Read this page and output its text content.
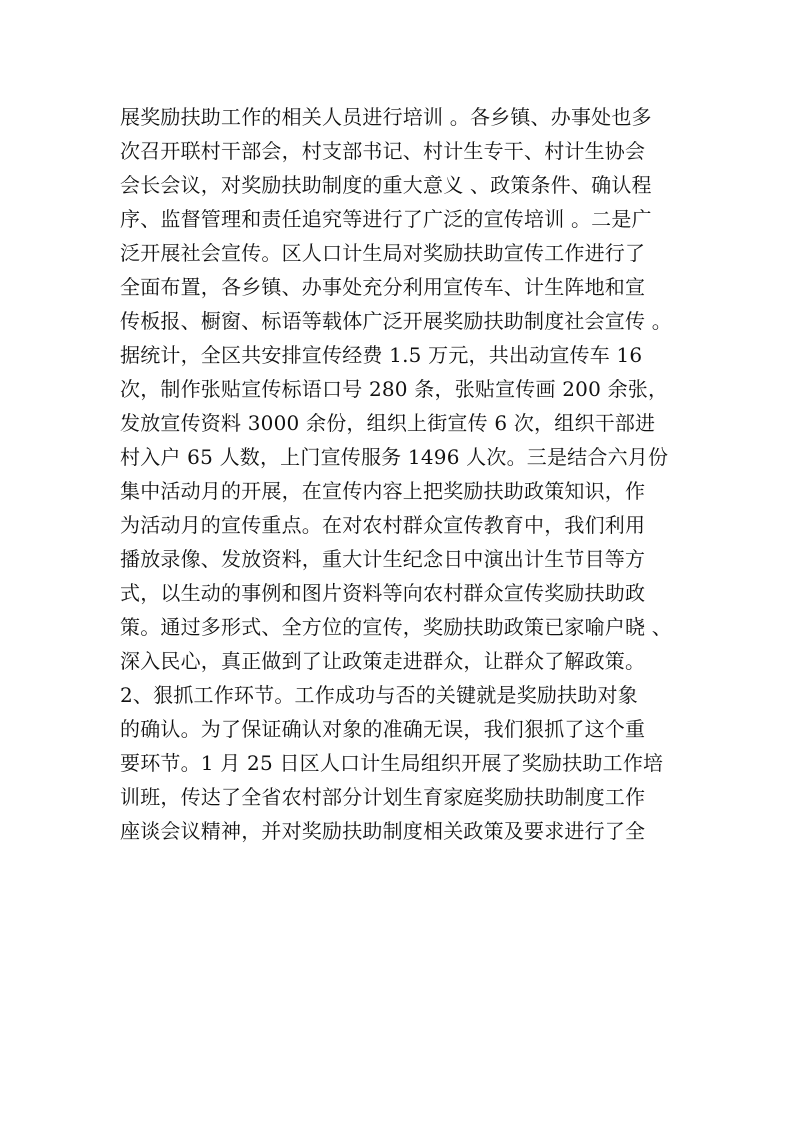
展奖励扶助工作的相关人员进行培训 。各乡镇、办事处也多
次召开联村干部会，村支部书记、村计生专干、村计生协会
会长会议，对奖励扶助制度的重大意义 、政策条件、确认程
序、监督管理和责任追究等进行了广泛的宣传培训 。二是广
泛开展社会宣传。区人口计生局对奖励扶助宣传工作进行了
全面布置，各乡镇、办事处充分利用宣传车、计生阵地和宣
传板报、橱窗、标语等载体广泛开展奖励扶助制度社会宣传 。
据统计，全区共安排宣传经费 1.5 万元，共出动宣传车 16
次，制作张贴宣传标语口号 280 条，张贴宣传画 200 余张，
发放宣传资料 3000 余份，组织上街宣传 6 次，组织干部进
村入户 65 人数，上门宣传服务 1496 人次。三是结合六月份
集中活动月的开展，在宣传内容上把奖励扶助政策知识，作
为活动月的宣传重点。在对农村群众宣传教育中，我们利用
播放录像、发放资料，重大计生纪念日中演出计生节目等方
式，以生动的事例和图片资料等向农村群众宣传奖励扶助政
策。通过多形式、全方位的宣传，奖励扶助政策已家喻户晓 、
深入民心，真正做到了让政策走进群众，让群众了解政策。
2、狠抓工作环节。工作成功与否的关键就是奖励扶助对象
的确认。为了保证确认对象的准确无误，我们狠抓了这个重
要环节。1 月 25 日区人口计生局组织开展了奖励扶助工作培
训班，传达了全省农村部分计划生育家庭奖励扶助制度工作
座谈会议精神，并对奖励扶助制度相关政策及要求进行了全
